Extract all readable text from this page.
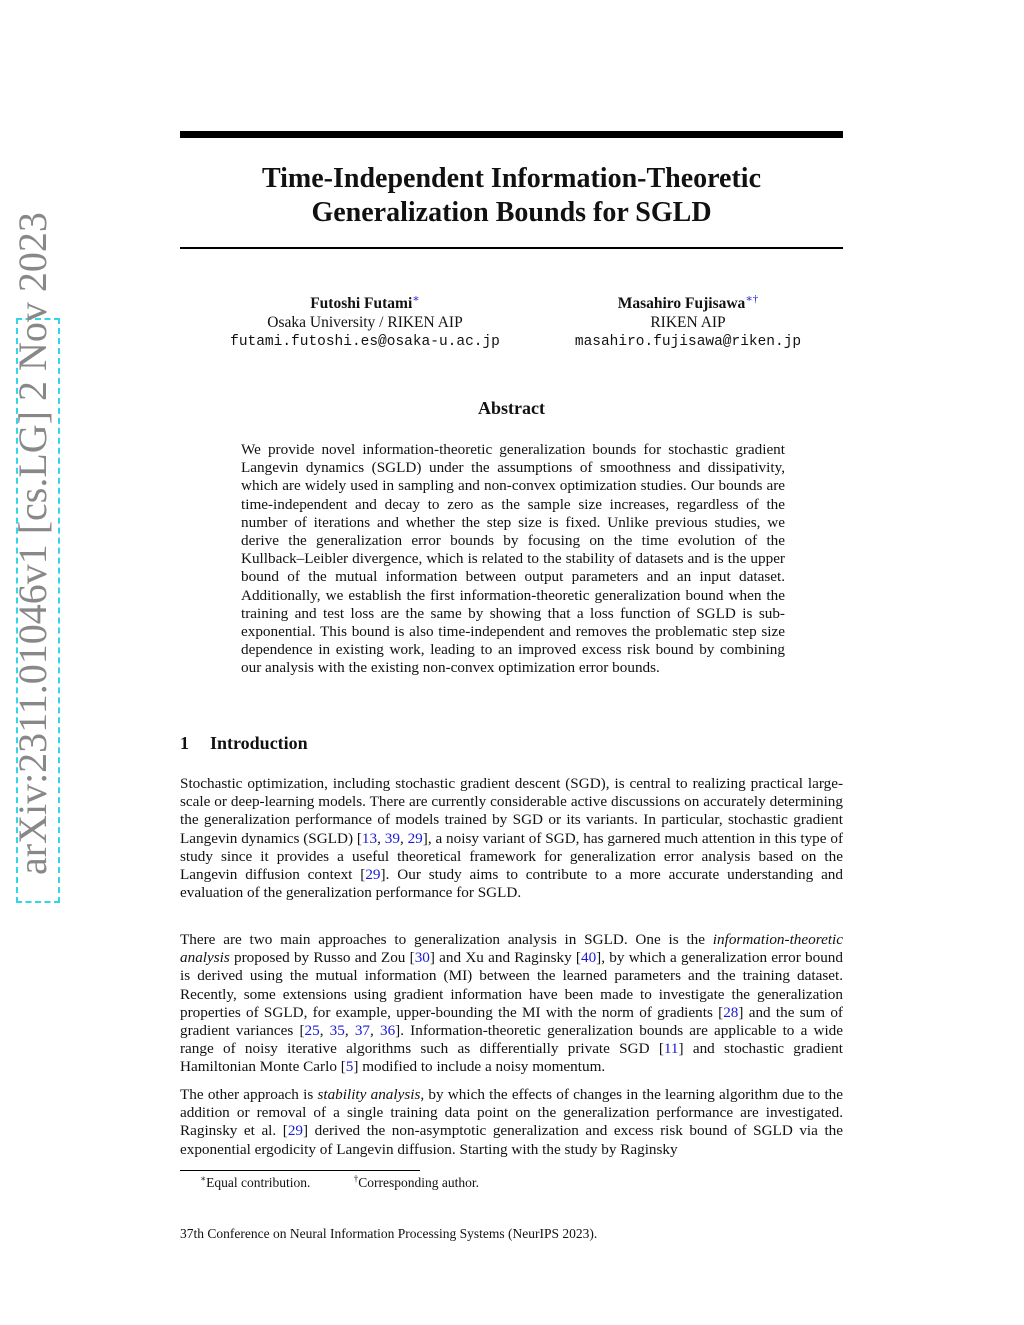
arXiv:2311.01046v1 [cs.LG] 2 Nov 2023
Time-Independent Information-Theoretic
Generalization Bounds for SGLD
Futoshi Futami∗
Osaka University / RIKEN AIP
futami.futoshi.es@osaka-u.ac.jp
Masahiro Fujisawa∗†
RIKEN AIP
masahiro.fujisawa@riken.jp
Abstract
We provide novel information-theoretic generalization bounds for stochastic gradient Langevin dynamics (SGLD) under the assumptions of smoothness and dissipativity, which are widely used in sampling and non-convex optimization studies. Our bounds are time-independent and decay to zero as the sample size increases, regardless of the number of iterations and whether the step size is fixed. Unlike previous studies, we derive the generalization error bounds by focusing on the time evolution of the Kullback–Leibler divergence, which is related to the stability of datasets and is the upper bound of the mutual information between output parameters and an input dataset. Additionally, we establish the first information-theoretic generalization bound when the training and test loss are the same by showing that a loss function of SGLD is sub-exponential. This bound is also time-independent and removes the problematic step size dependence in existing work, leading to an improved excess risk bound by combining our analysis with the existing non-convex optimization error bounds.
1 Introduction
Stochastic optimization, including stochastic gradient descent (SGD), is central to realizing practical large-scale or deep-learning models. There are currently considerable active discussions on accurately determining the generalization performance of models trained by SGD or its variants. In particular, stochastic gradient Langevin dynamics (SGLD) [13, 39, 29], a noisy variant of SGD, has garnered much attention in this type of study since it provides a useful theoretical framework for generalization error analysis based on the Langevin diffusion context [29]. Our study aims to contribute to a more accurate understanding and evaluation of the generalization performance for SGLD.
There are two main approaches to generalization analysis in SGLD. One is the information-theoretic analysis proposed by Russo and Zou [30] and Xu and Raginsky [40], by which a generalization error bound is derived using the mutual information (MI) between the learned parameters and the training dataset. Recently, some extensions using gradient information have been made to investigate the generalization properties of SGLD, for example, upper-bounding the MI with the norm of gradients [28] and the sum of gradient variances [25, 35, 37, 36]. Information-theoretic generalization bounds are applicable to a wide range of noisy iterative algorithms such as differentially private SGD [11] and stochastic gradient Hamiltonian Monte Carlo [5] modified to include a noisy momentum.
The other approach is stability analysis, by which the effects of changes in the learning algorithm due to the addition or removal of a single training data point on the generalization performance are investigated. Raginsky et al. [29] derived the non-asymptotic generalization and excess risk bound of SGLD via the exponential ergodicity of Langevin diffusion. Starting with the study by Raginsky
∗Equal contribution.	†Corresponding author.
37th Conference on Neural Information Processing Systems (NeurIPS 2023).
